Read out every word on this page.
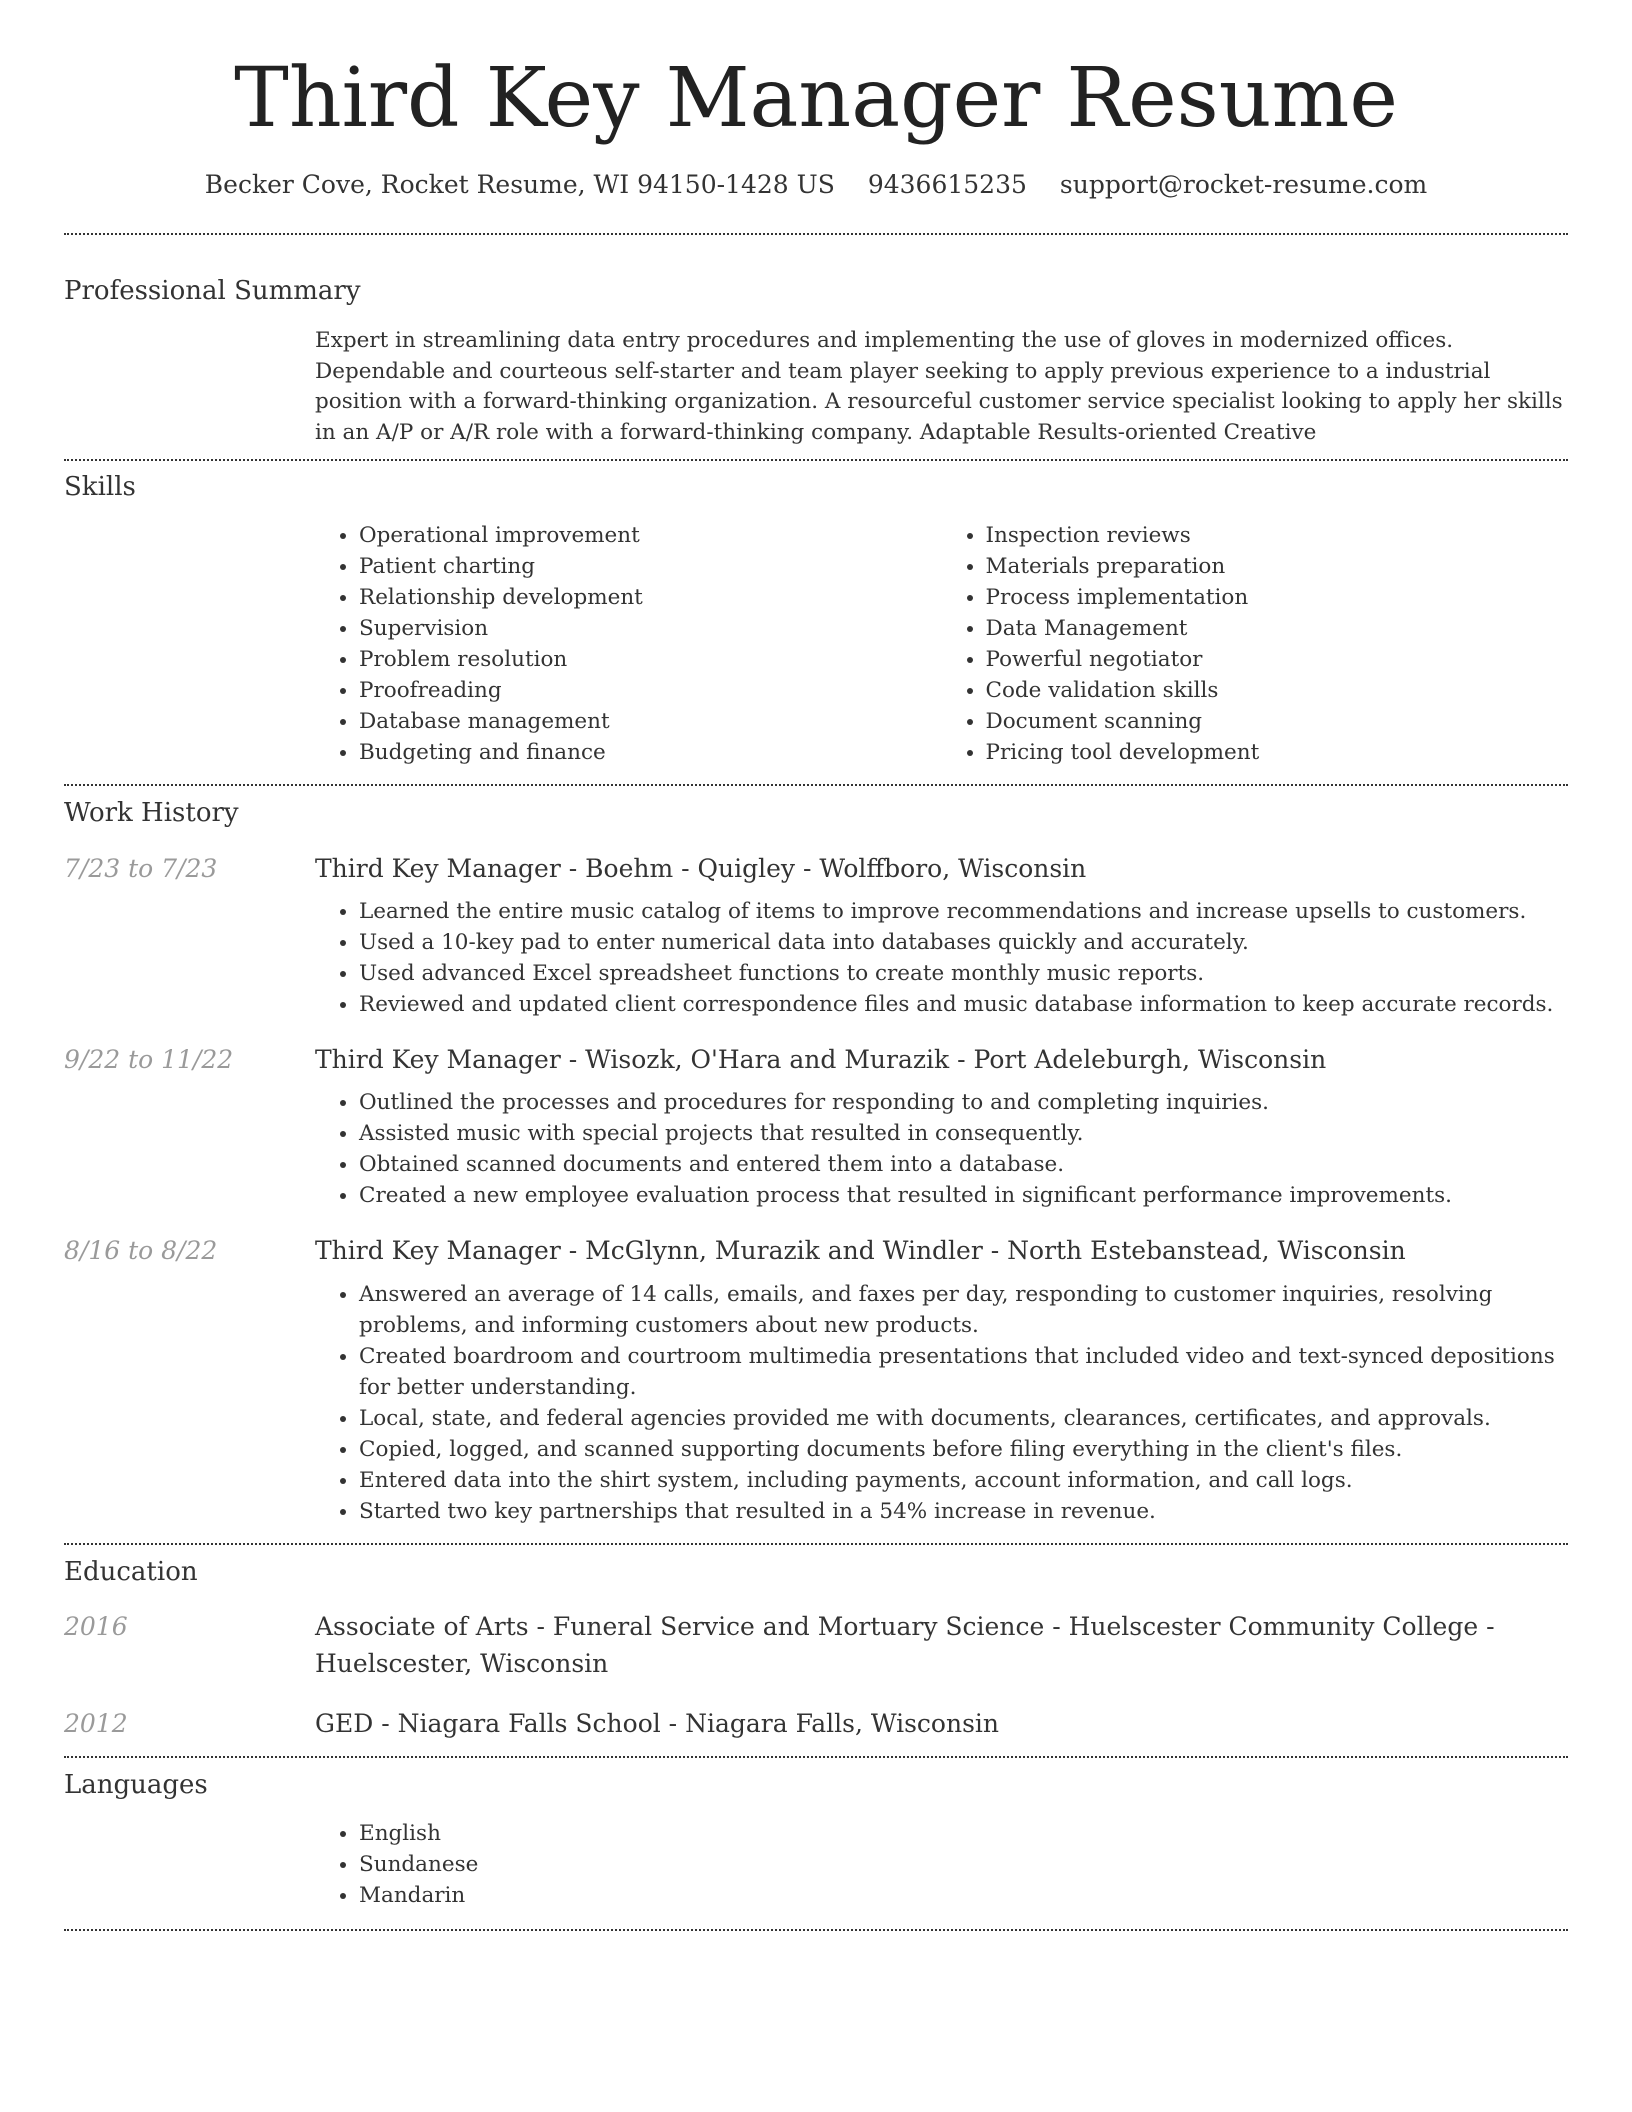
Third Key Manager Resume
Becker Cove, Rocket Resume, WI 94150-1428 US 9436615235 support@rocket-resume.com
Professional Summary

Expert in streamlining data entry procedures and implementing the use of gloves in modernized offices. Dependable and courteous self-starter and team player seeking to apply previous experience to a industrial position with a forward-thinking organization. A resourceful customer service specialist looking to apply her skills in an A/P or A/R role with a forward-thinking company. Adaptable Results-oriented Creative

Skills
• Operational improvement
• Patient charting
• Relationship development
• Supervision
• Problem resolution
• Proofreading
• Database management
• Budgeting and finance
• Inspection reviews
• Materials preparation
• Process implementation
• Data Management
• Powerful negotiator
• Code validation skills
• Document scanning
• Pricing tool development
Work History
7/23 to 7/23	Third Key Manager - Boehm - Quigley - Wolffboro, Wisconsin

• Learned the entire music catalog of items to improve recommendations and increase upsells to customers.
• Used a 10-key pad to enter numerical data into databases quickly and accurately.
• Used advanced Excel spreadsheet functions to create monthly music reports.
• Reviewed and updated client correspondence files and music database information to keep accurate records.
9/22 to 11/22	Third Key Manager - Wisozk, O'Hara and Murazik - Port Adeleburgh, Wisconsin

• Outlined the processes and procedures for responding to and completing inquiries.
• Assisted music with special projects that resulted in consequently.
• Obtained scanned documents and entered them into a database.
• Created a new employee evaluation process that resulted in significant performance improvements.
8/16 to 8/22	Third Key Manager - McGlynn, Murazik and Windler - North Estebanstead, Wisconsin

• Answered an average of 14 calls, emails, and faxes per day, responding to customer inquiries, resolving problems, and informing customers about new products.
• Created boardroom and courtroom multimedia presentations that included video and text-synced depositions for better understanding.
• Local, state, and federal agencies provided me with documents, clearances, certificates, and approvals.
• Copied, logged, and scanned supporting documents before filing everything in the client's files.
• Entered data into the shirt system, including payments, account information, and call logs.
• Started two key partnerships that resulted in a 54% increase in revenue.
Education
2016	Associate of Arts - Funeral Service and Mortuary Science - Huelscester Community College - Huelscester, Wisconsin

2012	GED - Niagara Falls School - Niagara Falls, Wisconsin

Languages
• English
• Sundanese
• Mandarin
